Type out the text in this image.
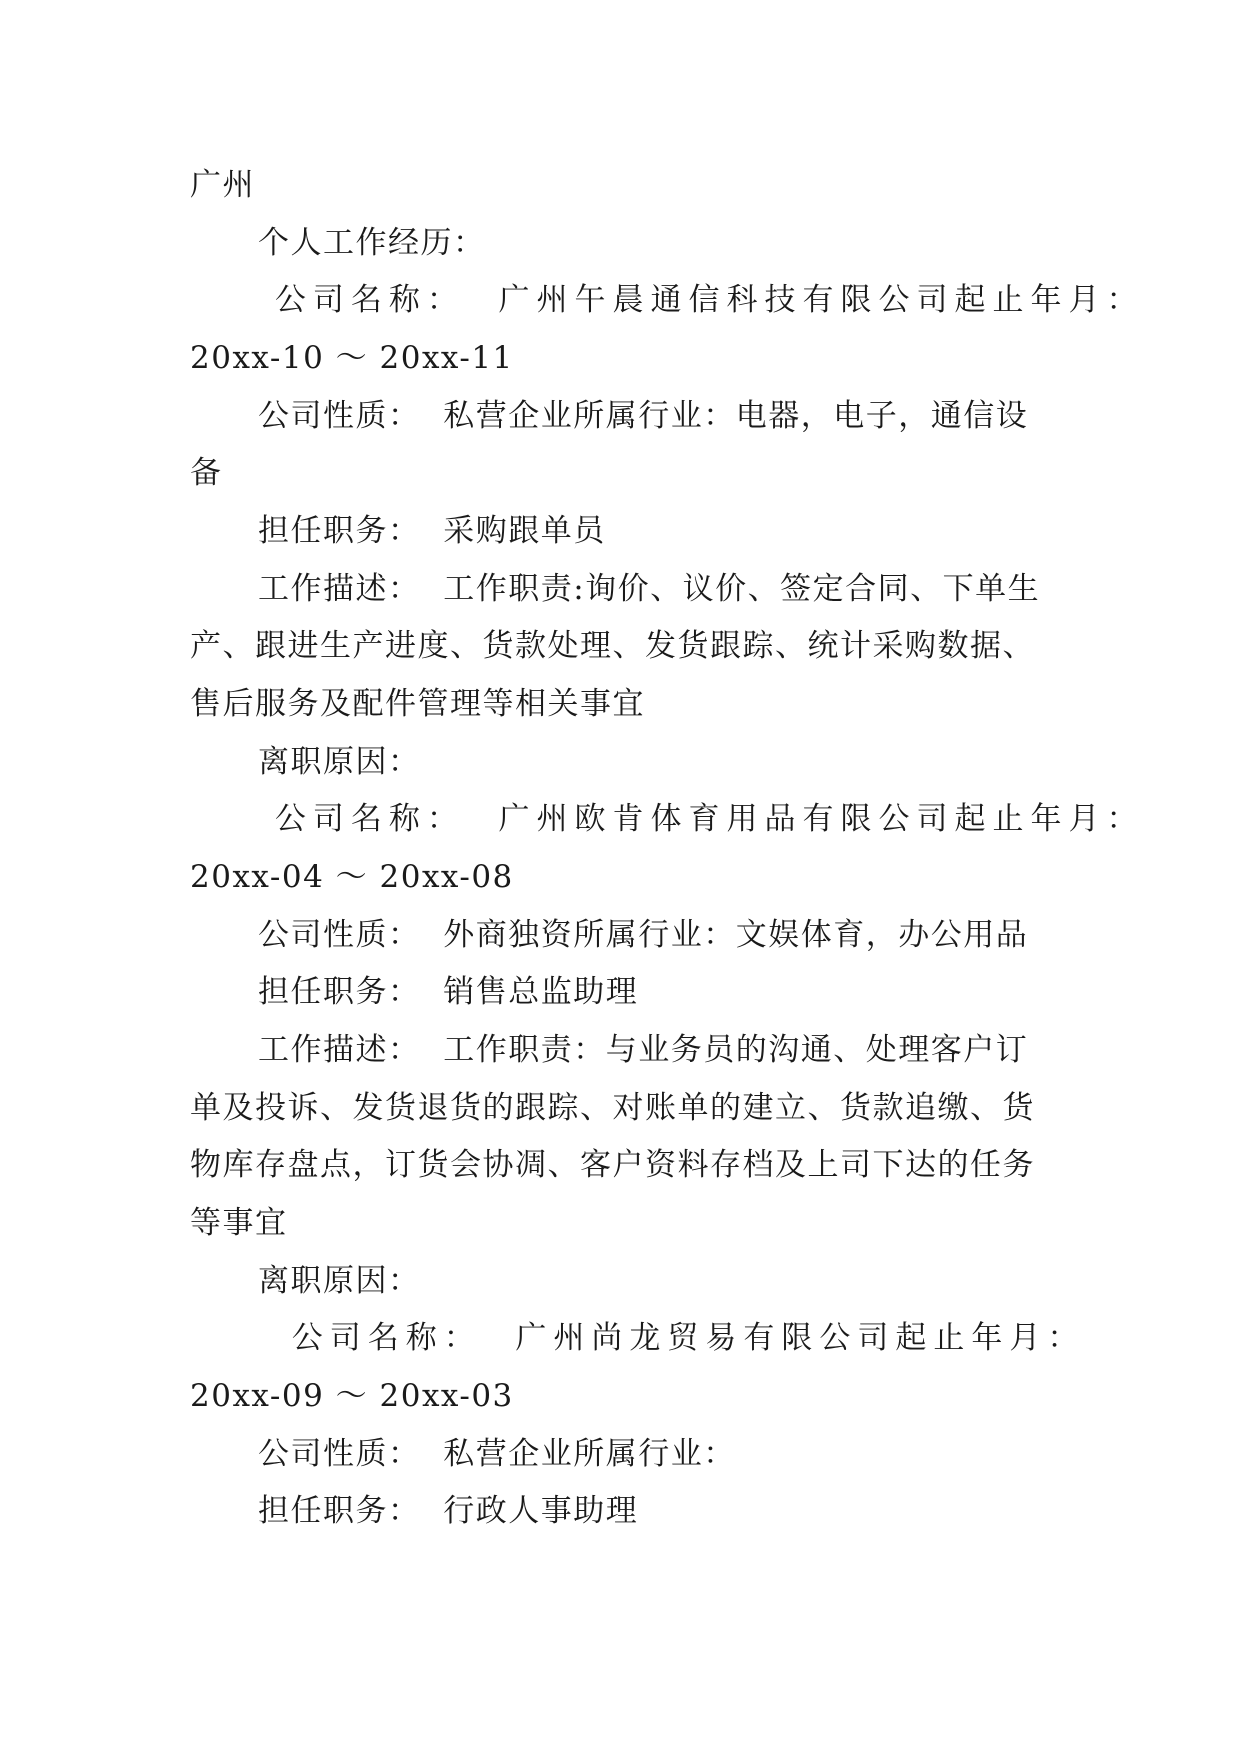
广州
个人工作经历：
公司名称：  广州午晨通信科技有限公司起止年月：
20xx-10 ～ 20xx-11
公司性质：  私营企业所属行业：电器，电子，通信设
备
担任职务：  采购跟单员
工作描述：  工作职责:询价、议价、签定合同、下单生
产、跟进生产进度、货款处理、发货跟踪、统计采购数据、
售后服务及配件管理等相关事宜
离职原因：
公司名称：  广州欧肯体育用品有限公司起止年月：
20xx-04 ～ 20xx-08
公司性质：  外商独资所属行业：文娱体育，办公用品
担任职务：  销售总监助理
工作描述：  工作职责：与业务员的沟通、处理客户订
单及投诉、发货退货的跟踪、对账单的建立、货款追缴、货
物库存盘点，订货会协凋、客户资料存档及上司下达的任务
等事宜
离职原因：
公司名称：  广州尚龙贸易有限公司起止年月：
20xx-09 ～ 20xx-03
公司性质：  私营企业所属行业：
担任职务：  行政人事助理
